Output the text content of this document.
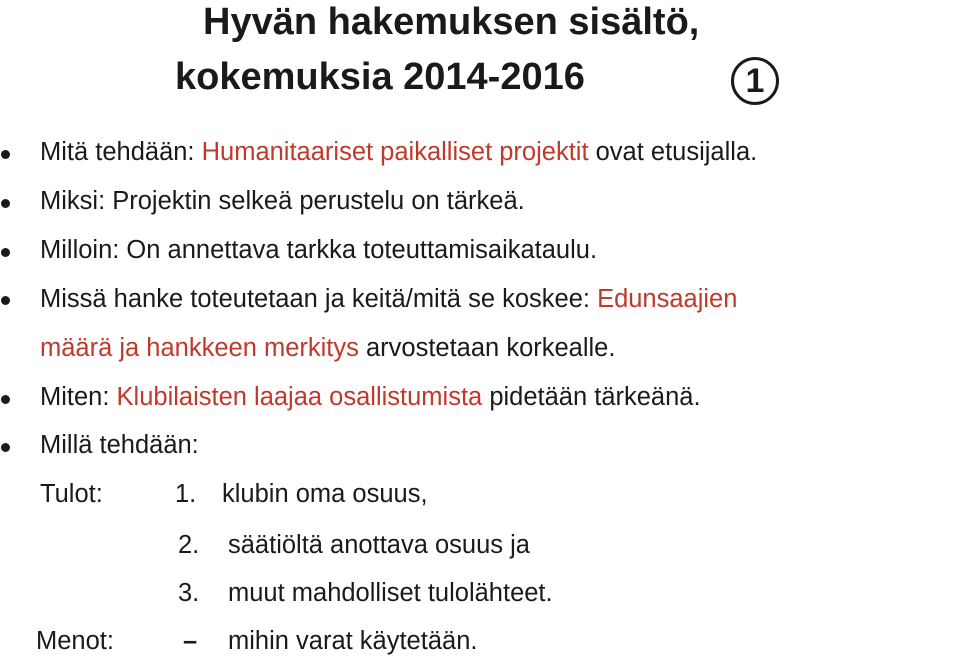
Hyvän hakemuksen sisältö,
kokemuksia 2014-2016	1
Mitä tehdään: Humanitaariset paikalliset projektit ovat etusijalla.
Miksi: Projektin selkeä perustelu on tärkeä.
Milloin: On annettava tarkka toteuttamisaikataulu.
Missä hanke toteutetaan ja keitä/mitä se koskee: Edunsaajien
määrä ja hankkeen merkitys arvostetaan korkealle.
Miten: Klubilaisten laajaa osallistumista pidetään tärkeänä.
Millä tehdään:
Tulot:	1. klubin oma osuus,
2. säätiöltä anottava osuus ja
3. muut mahdolliset tulolähteet.
Menot:	– mihin varat käytetään.
